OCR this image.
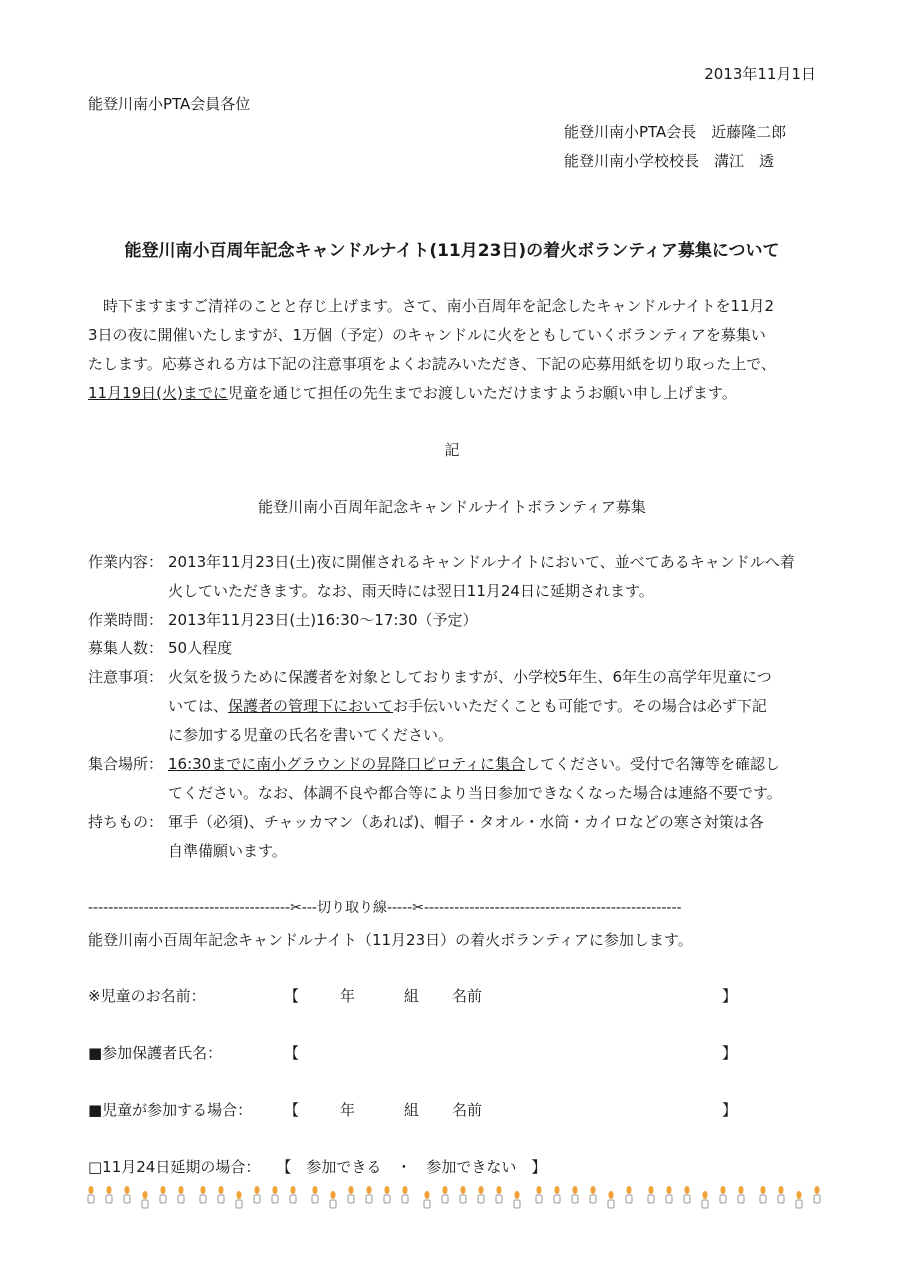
2013年11月1日
能登川南小PTA会員各位
能登川南小PTA会長　近藤隆二郎
能登川南小学校校長　溝江　透
能登川南小百周年記念キャンドルナイト(11月23日)の着火ボランティア募集について

　時下ますますご清祥のことと存じ上げます。さて、南小百周年を記念したキャンドルナイトを11月2

3日の夜に開催いたしますが、1万個（予定）のキャンドルに火をともしていくボランティアを募集い

たします。応募される方は下記の注意事項をよくお読みいただき、下記の応募用紙を切り取った上で、

11月19日(火)までに児童を通じて担任の先生までお渡しいただけますようお願い申し上げます。

記
能登川南小百周年記念キャンドルナイトボランティア募集
作業内容： 2013年11月23日(土)夜に開催されるキャンドルナイトにおいて、並べてあるキャンドルへ着
火していただきます。なお、雨天時には翌日11月24日に延期されます。
作業時間： 2013年11月23日(土)16:30～17:30（予定）
募集人数： 50人程度
注意事項： 火気を扱うために保護者を対象としておりますが、小学校5年生、6年生の高学年児童につ
いては、保護者の管理下においてお手伝いいただくことも可能です。その場合は必ず下記
に参加する児童の氏名を書いてください。
集合場所： 16:30までに南小グラウンドの昇降口ピロティに集合してください。受付で名簿等を確認し
てください。なお、体調不良や都合等により当日参加できなくなった場合は連絡不要です。
持ちもの： 軍手（必須)、チャッカマン（あれば)、帽子・タオル・水筒・カイロなどの寒さ対策は各
自準備願います。
----------------------------------------✂---切り取り線-----✂---------------------------------------------------
能登川南小百周年記念キャンドルナイト（11月23日）の着火ボランティアに参加します。
※児童のお名前：	【	年	組 名前	】
■参加保護者氏名：	【	】
■児童が参加する場合： 【	年	組 名前	】
□11月24日延期の場合： 【　参加できる　・　参加できない　】
